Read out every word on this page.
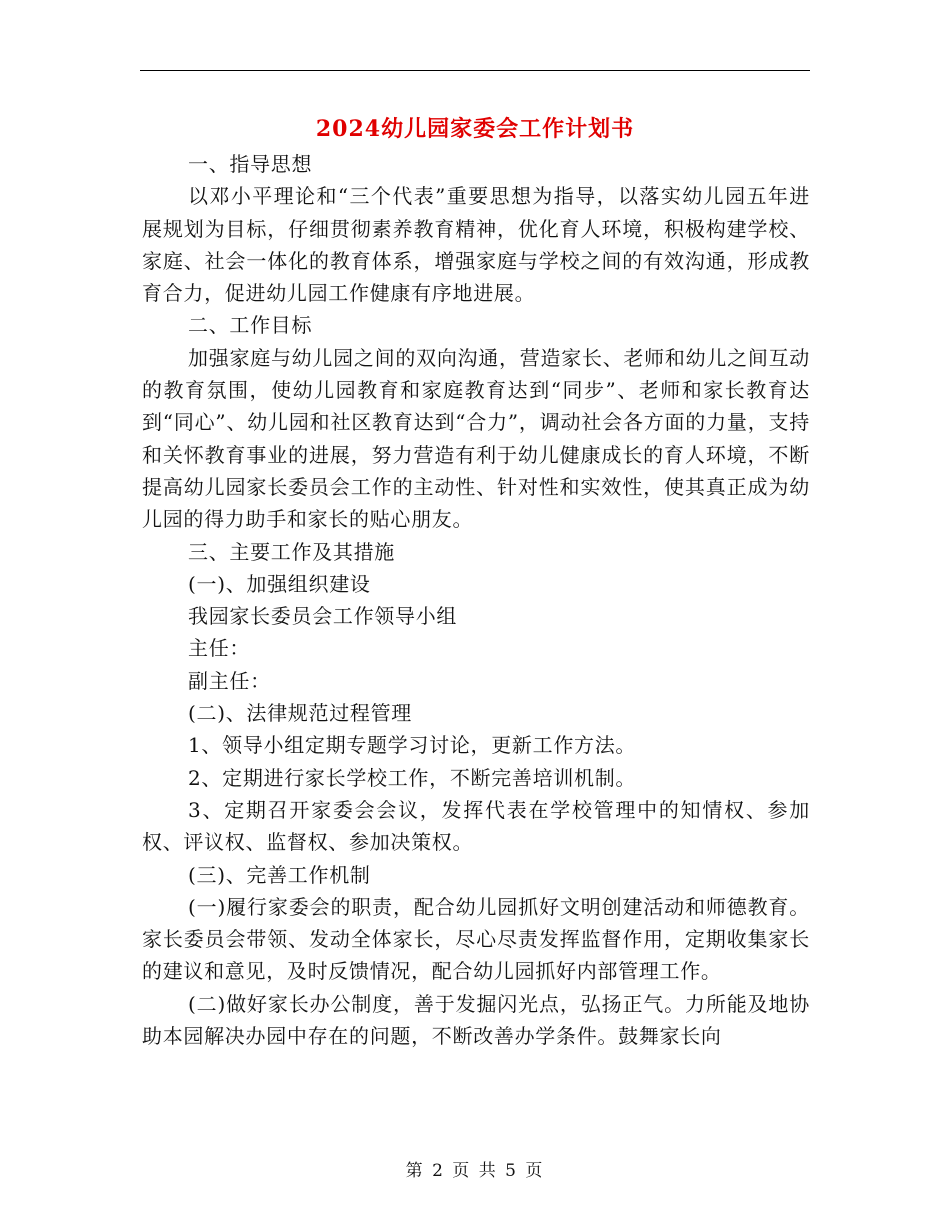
2024幼儿园家委会工作计划书

一、指导思想

以邓小平理论和“三个代表”重要思想为指导，以落实幼儿园五年进展规划为目标，仔细贯彻素养教育精神，优化育人环境，积极构建学校、家庭、社会一体化的教育体系，增强家庭与学校之间的有效沟通，形成教育合力，促进幼儿园工作健康有序地进展。

二、工作目标

加强家庭与幼儿园之间的双向沟通，营造家长、老师和幼儿之间互动的教育氛围，使幼儿园教育和家庭教育达到“同步”、老师和家长教育达到“同心”、幼儿园和社区教育达到“合力”，调动社会各方面的力量，支持和关怀教育事业的进展，努力营造有利于幼儿健康成长的育人环境，不断提高幼儿园家长委员会工作的主动性、针对性和实效性，使其真正成为幼儿园的得力助手和家长的贴心朋友。

三、主要工作及其措施

(一)、加强组织建设

我园家长委员会工作领导小组

主任：

副主任：

(二)、法律规范过程管理

1、领导小组定期专题学习讨论，更新工作方法。

2、定期进行家长学校工作，不断完善培训机制。

3、定期召开家委会会议，发挥代表在学校管理中的知情权、参加权、评议权、监督权、参加决策权。

(三)、完善工作机制

(一)履行家委会的职责，配合幼儿园抓好文明创建活动和师德教育。家长委员会带领、发动全体家长，尽心尽责发挥监督作用，定期收集家长的建议和意见，及时反馈情况，配合幼儿园抓好内部管理工作。

(二)做好家长办公制度，善于发掘闪光点，弘扬正气。力所能及地协助本园解决办园中存在的问题，不断改善办学条件。鼓舞家长向

第 2 页 共 5 页
